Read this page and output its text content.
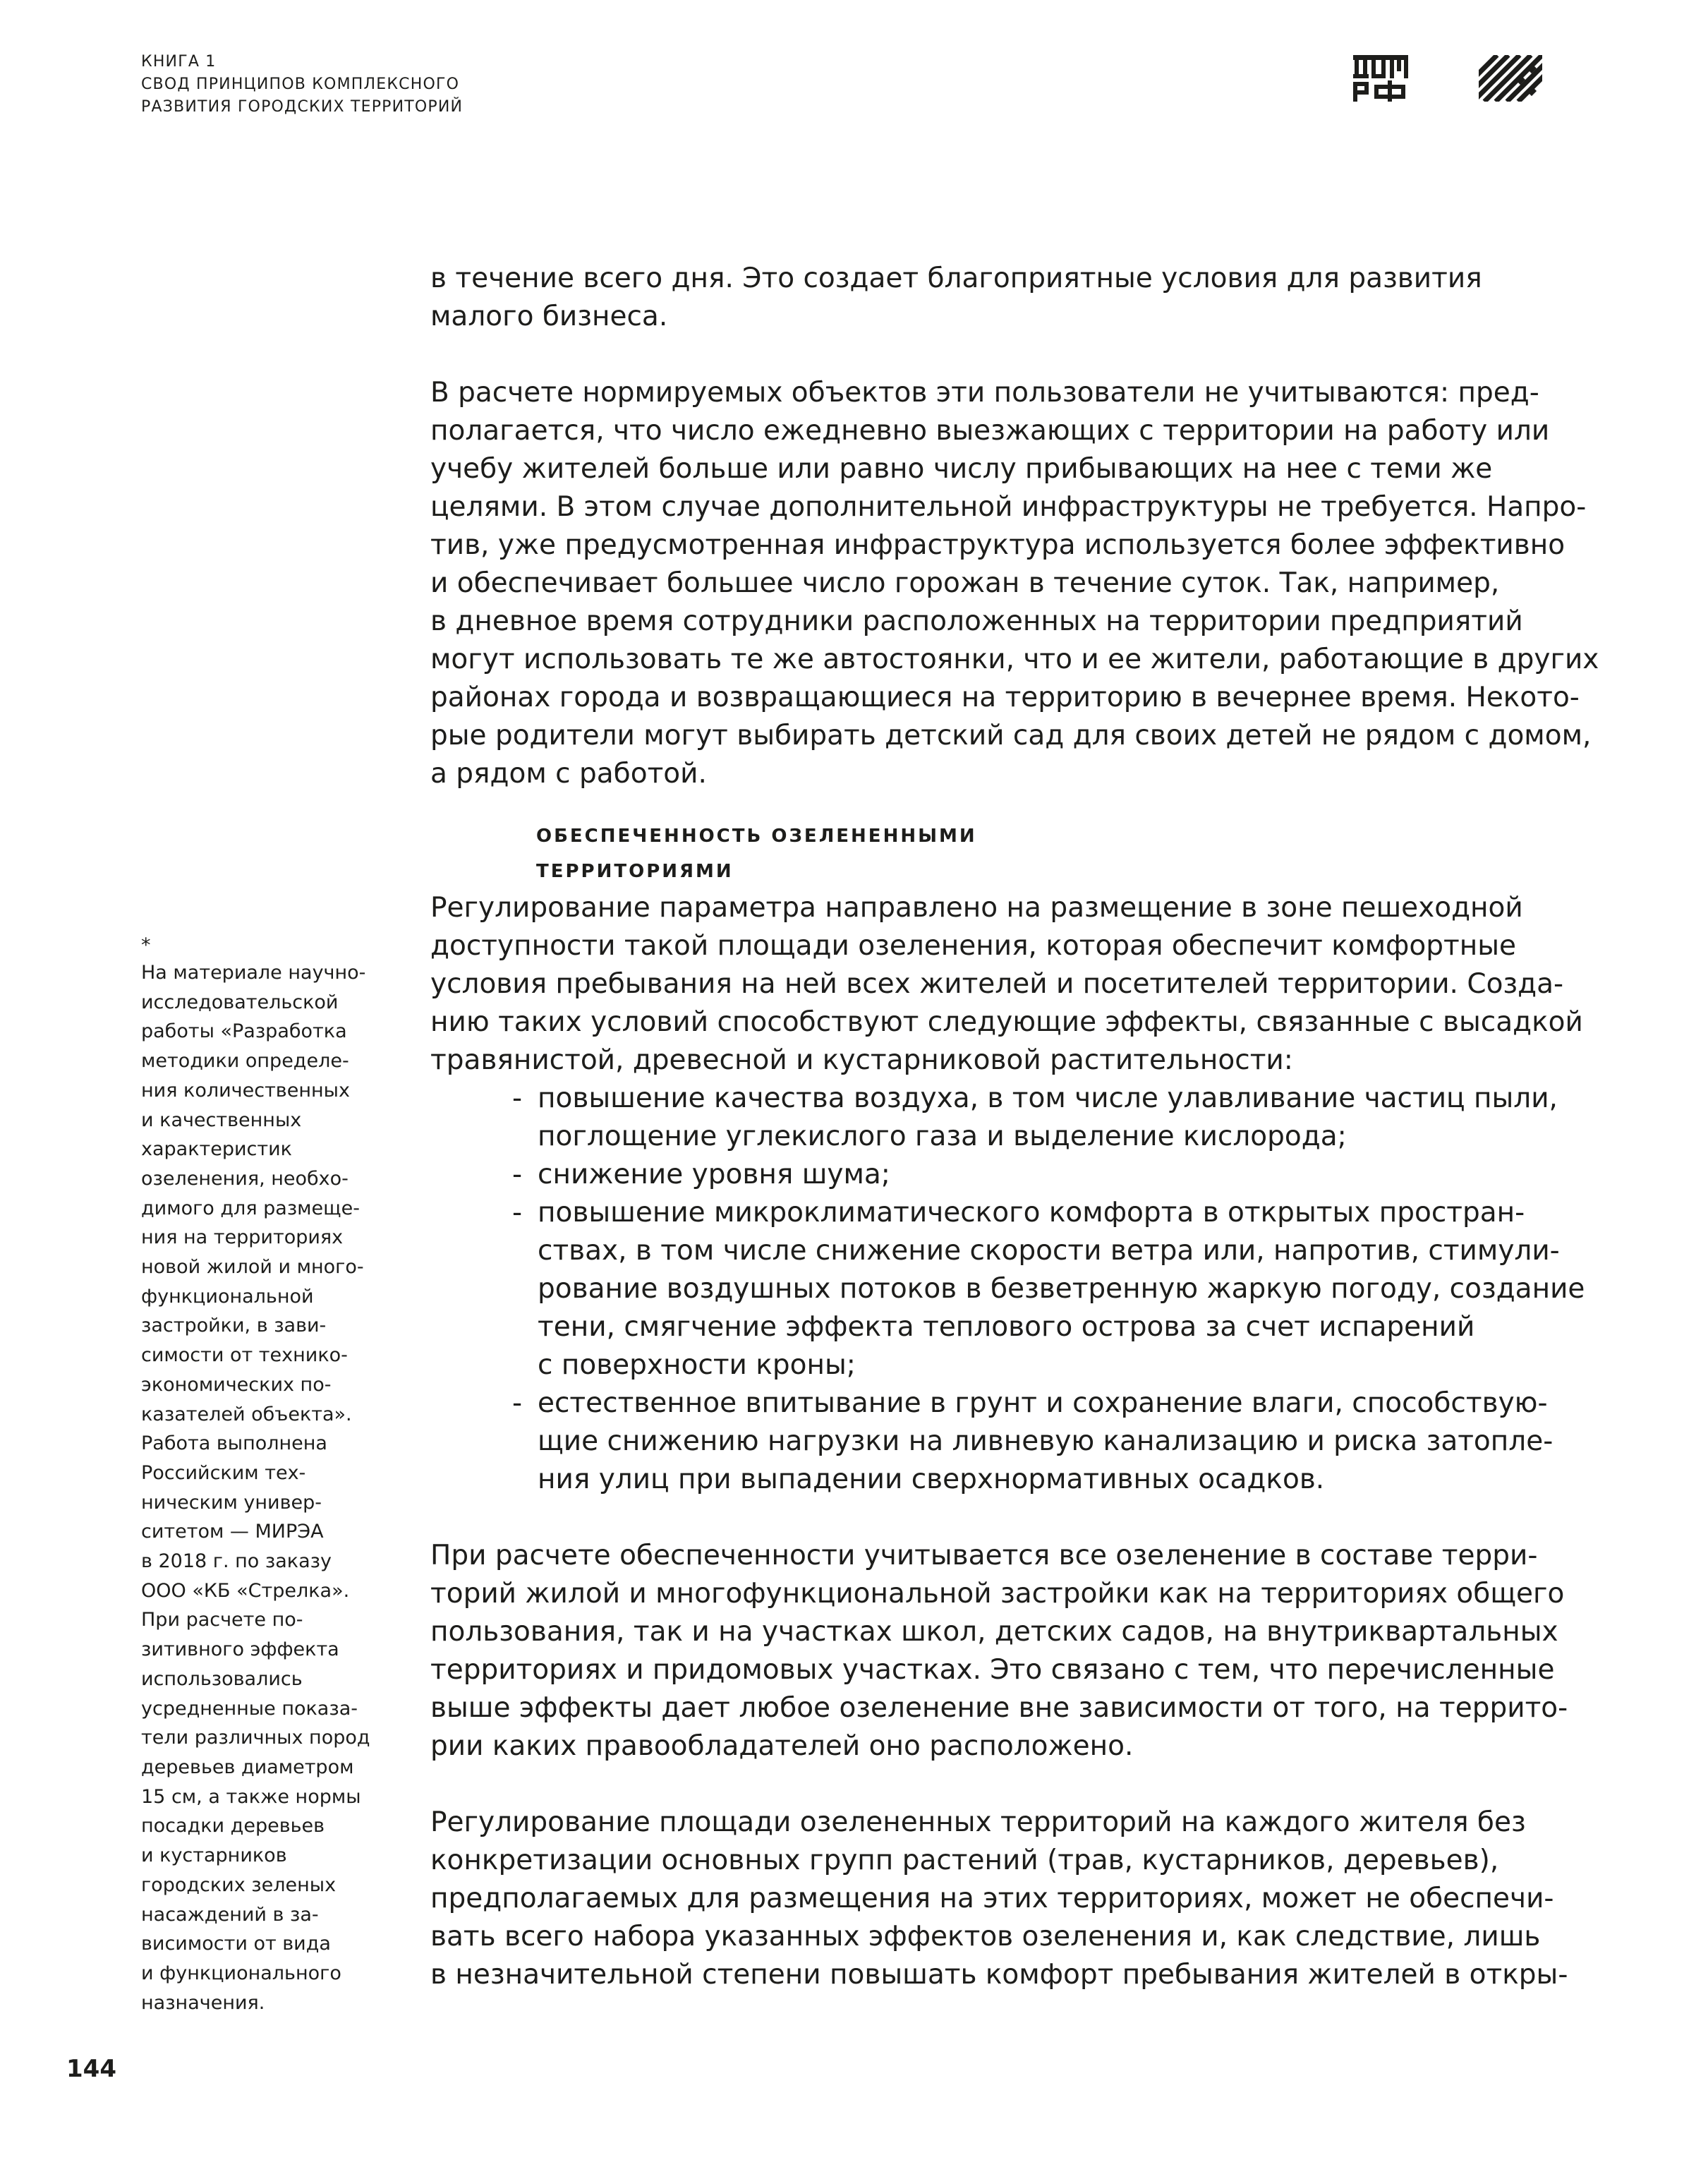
КНИГА 1
СВОД ПРИНЦИПОВ КОМПЛЕКСНОГО
РАЗВИТИЯ ГОРОДСКИХ ТЕРРИТОРИЙ

в течение всего дня. Это создает благоприятные условия для развития
малого бизнеса.

В расчете нормируемых объектов эти пользователи не учитываются: пред-
полагается, что число ежедневно выезжающих с территории на работу или
учебу жителей больше или равно числу прибывающих на нее с теми же
целями. В этом случае дополнительной инфраструктуры не требуется. Напро-
тив, уже предусмотренная инфраструктура используется более эффективно
и обеспечивает большее число горожан в течение суток. Так, например,
в дневное время сотрудники расположенных на территории предприятий
могут использовать те же автостоянки, что и ее жители, работающие в других
районах города и возвращающиеся на территорию в вечернее время. Некото-
рые родители могут выбирать детский сад для своих детей не рядом с домом,
а рядом с работой.

ОБЕСПЕЧЕННОСТЬ ОЗЕЛЕНЕННЫМИ
ТЕРРИТОРИЯМИ

Регулирование параметра направлено на размещение в зоне пешеходной
доступности такой площади озеленения, которая обеспечит комфортные
условия пребывания на ней всех жителей и посетителей территории. Созда-
нию таких условий способствуют следующие эффекты, связанные с высадкой
травянистой, древесной и кустарниковой растительности:

- повышение качества воздуха, в том числе улавливание частиц пыли,
поглощение углекислого газа и выделение кислорода;
- снижение уровня шума;
- повышение микроклиматического комфорта в открытых простран-
ствах, в том числе снижение скорости ветра или, напротив, стимули-
рование воздушных потоков в безветренную жаркую погоду, создание
тени, смягчение эффекта теплового острова за счет испарений
с поверхности кроны;
- естественное впитывание в грунт и сохранение влаги, способствую-
щие снижению нагрузки на ливневую канализацию и риска затопле-
ния улиц при выпадении сверхнормативных осадков.

При расчете обеспеченности учитывается все озеленение в составе терри-
торий жилой и многофункциональной застройки как на территориях общего
пользования, так и на участках школ, детских садов, на внутриквартальных
территориях и придомовых участках. Это связано с тем, что перечисленные
выше эффекты дает любое озеленение вне зависимости от того, на террито-
рии каких правообладателей оно расположено.

Регулирование площади озелененных территорий на каждого жителя без
конкретизации основных групп растений (трав, кустарников, деревьев),
предполагаемых для размещения на этих территориях, может не обеспечи-
вать всего набора указанных эффектов озеленения и, как следствие, лишь
в незначительной степени повышать комфорт пребывания жителей в откры-

*
На материале научно-
исследовательской
работы «Разработка
методики определе-
ния количественных
и качественных
характеристик
озеленения, необхо-
димого для размеще-
ния на территориях
новой жилой и много-
функциональной
застройки, в зави-
симости от технико-
экономических по-
казателей объекта».
Работа выполнена
Российским тех-
ническим универ-
ситетом — МИРЭА
в 2018 г. по заказу
ООО «КБ «Стрелка».
При расчете по-
зитивного эффекта
использовались
усредненные показа-
тели различных пород
деревьев диаметром
15 см, а также нормы
посадки деревьев
и кустарников
городских зеленых
насаждений в за-
висимости от вида
и функционального
назначения.
144
